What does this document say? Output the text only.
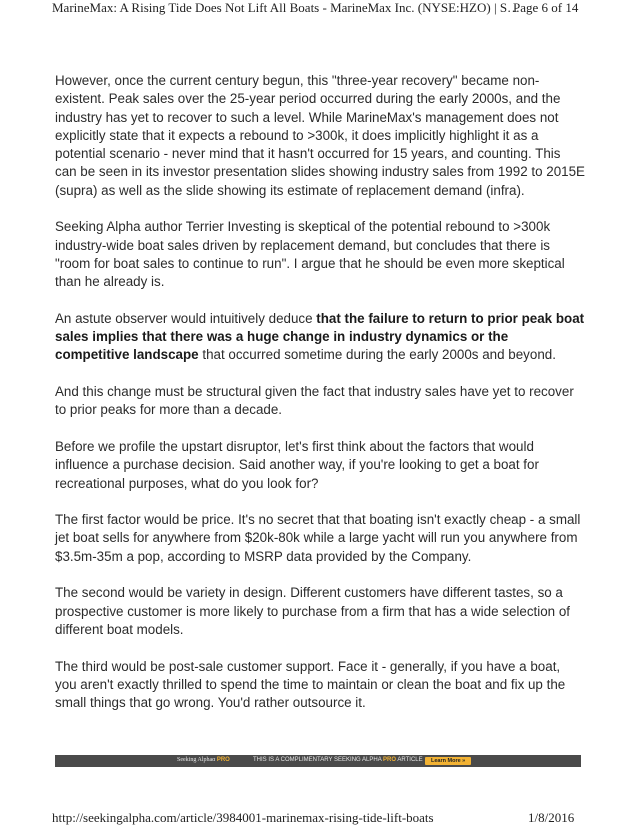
MarineMax: A Rising Tide Does Not Lift All Boats - MarineMax Inc. (NYSE:HZO) | S…
Page 6 of 14

However, once the current century begun, this "three-year recovery" became non-existent. Peak sales over the 25-year period occurred during the early 2000s, and the industry has yet to recover to such a level. While MarineMax's management does not explicitly state that it expects a rebound to >300k, it does implicitly highlight it as a potential scenario - never mind that it hasn't occurred for 15 years, and counting. This can be seen in its investor presentation slides showing industry sales from 1992 to 2015E (supra) as well as the slide showing its estimate of replacement demand (infra).

Seeking Alpha author Terrier Investing is skeptical of the potential rebound to >300k industry-wide boat sales driven by replacement demand, but concludes that there is "room for boat sales to continue to run". I argue that he should be even more skeptical than he already is.

An astute observer would intuitively deduce that the failure to return to prior peak boat sales implies that there was a huge change in industry dynamics or the competitive landscape that occurred sometime during the early 2000s and beyond.

And this change must be structural given the fact that industry sales have yet to recover to prior peaks for more than a decade.

Before we profile the upstart disruptor, let's first think about the factors that would influence a purchase decision. Said another way, if you're looking to get a boat for recreational purposes, what do you look for?

The first factor would be price. It's no secret that that boating isn't exactly cheap - a small jet boat sells for anywhere from $20k-80k while a large yacht will run you anywhere from $3.5m-35m a pop, according to MSRP data provided by the Company.

The second would be variety in design. Different customers have different tastes, so a prospective customer is more likely to purchase from a firm that has a wide selection of different boat models.

The third would be post-sale customer support. Face it - generally, if you have a boat, you aren't exactly thrilled to spend the time to maintain or clean the boat and fix up the small things that go wrong. You'd rather outsource it.

Seeking Alphaα PRO	THIS IS A COMPLIMENTARY SEEKING ALPHA PRO ARTICLE	Learn More »
http://seekingalpha.com/article/3984001-marinemax-rising-tide-lift-boats	1/8/2016
